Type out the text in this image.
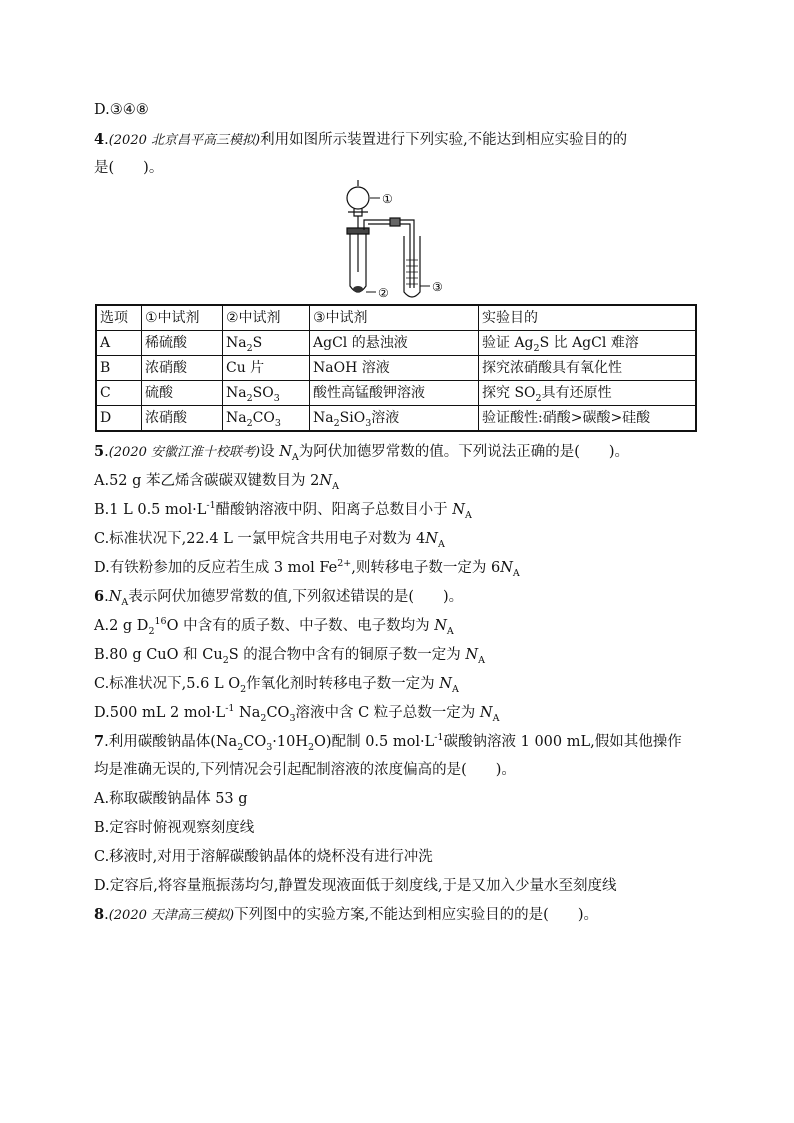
D.③④⑧
4.(2020 北京昌平高三模拟)利用如图所示装置进行下列实验,不能达到相应实验目的的
是(　　)。
①
②	③
选项	①中试剂	②中试剂	③中试剂	实验目的
A	稀硫酸	$Na_2S$	AgCl 的悬浊液	验证 $Ag_2S$ 比 AgCl 难溶
B	浓硝酸	Cu 片	NaOH 溶液	探究浓硝酸具有氧化性
C	硫酸	$Na_2SO_3$	酸性高锰酸钾溶液	探究 $SO_2$具有还原性
D	浓硝酸	$Na_2CO_3$	$Na_2SiO_3$溶液	验证酸性:硝酸>碳酸>硅酸
5.(2020 安徽江淮十校联考)设 $N_A$为阿伏加德罗常数的值。下列说法正确的是(　　)。
A.52 g 苯乙烯含碳碳双键数目为 $2N_A$
B.1 L 0.5 $mol\cdot L^{-1}$醋酸钠溶液中阴、阳离子总数目小于 $N_A$
C.标准状况下,22.4 L 一氯甲烷含共用电子对数为 $4N_A$
D.有铁粉参加的反应若生成 3 mol $Fe^{2+}$,则转移电子数一定为 $6N_A$
$6.N_A$表示阿伏加德罗常数的值,下列叙述错误的是(　　)。
A.2 g $D_2^{16}O$ 中含有的质子数、中子数、电子数均为 $N_A$
B.80 g CuO 和 $Cu_2S$ 的混合物中含有的铜原子数一定为 $N_A$
C.标准状况下,5.6 L $O_2$作氧化剂时转移电子数一定为 $N_A$
D.500 mL 2 $mol\cdot L^{-1}$ $Na_2CO_3$溶液中含 C 粒子总数一定为 $N_A$
7.利用碳酸钠晶体$(Na_2CO_3\cdot 10H_2O)$配制 0.5 $mol\cdot L^{-1}$碳酸钠溶液 1 000 mL,假如其他操作
均是准确无误的,下列情况会引起配制溶液的浓度偏高的是(　　)。
A.称取碳酸钠晶体 53 g
B.定容时俯视观察刻度线
C.移液时,对用于溶解碳酸钠晶体的烧杯没有进行冲洗
D.定容后,将容量瓶振荡均匀,静置发现液面低于刻度线,于是又加入少量水至刻度线
8.(2020 天津高三模拟)下列图中的实验方案,不能达到相应实验目的的是(　　)。
